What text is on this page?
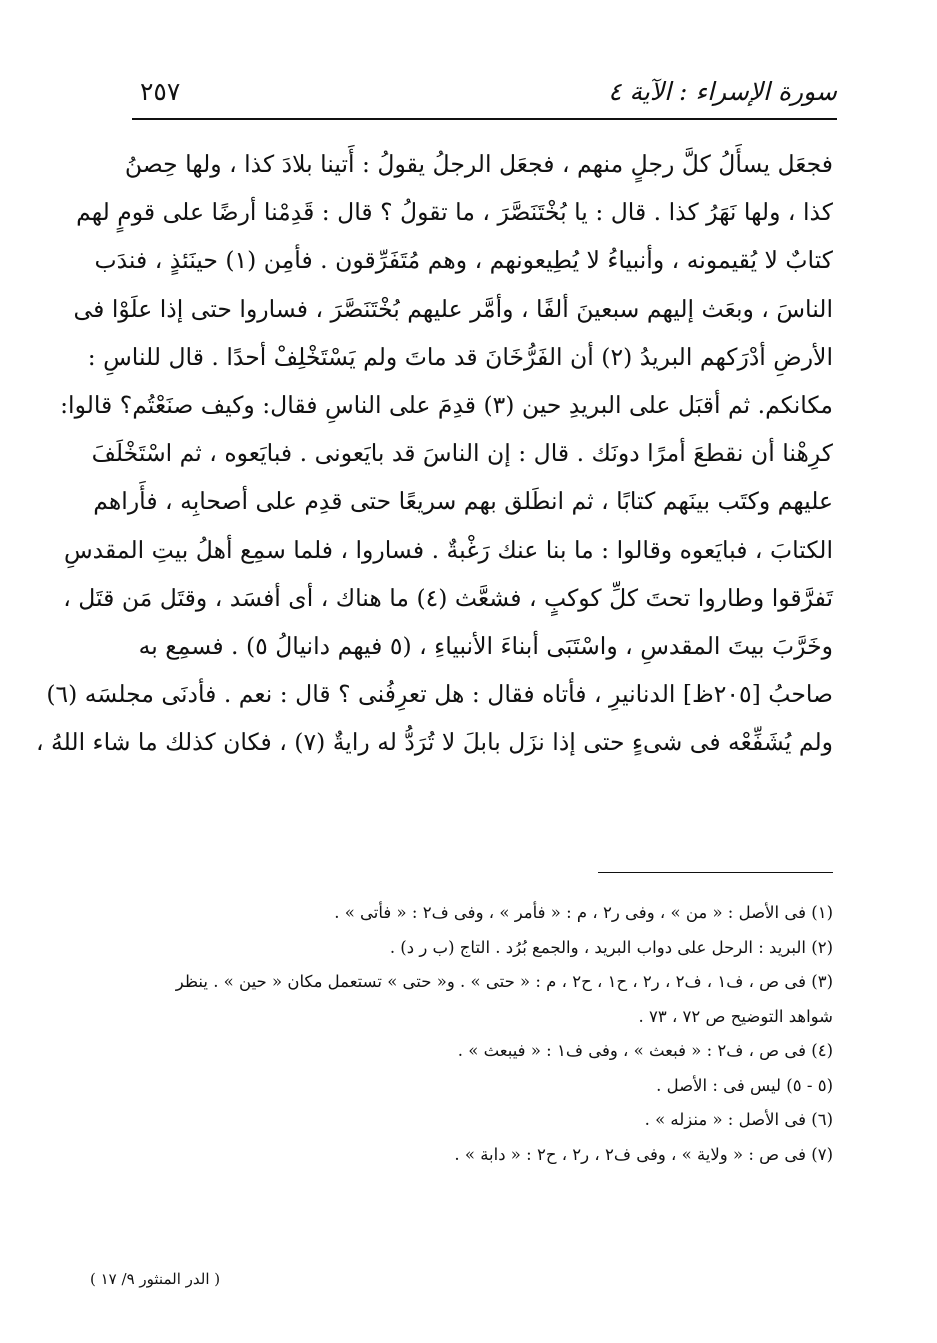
سورة الإسراء : الآية ٤
٢٥٧
فجعَل يسأَلُ كلَّ رجلٍ منهم ، فجعَل الرجلُ يقولُ : أَتينا بلادَ كذا ، ولها حِصنُ
كذا ، ولها نَهَرُ كذا . قال : يا بُخْتَنَصَّرَ ، ما تقولُ ؟ قال : قَدِمْنا أرضًا على قومٍ لهم
كتابٌ لا يُقيمونه ، وأنبياءُ لا يُطِيعونهم ، وهم مُتَفَرِّقون . فأمِن (١) حينَئذٍ ، فندَب
الناسَ ، وبعَث إليهم سبعينَ ألفًا ، وأمَّر عليهم بُخْتَنَصَّرَ ، فساروا حتى إذا علَوْا فى
الأرضِ أدْرَكهم البريدُ (٢) أن الفَرُّخَانَ قد ماتَ ولم يَسْتَخْلِفْ أحدًا . قال للناسِ :
مكانكم. ثم أقبَل على البريدِ حين (٣) قدِمَ على الناسِ فقال: وكيف صنَعْتُم؟ قالوا:
كرِهْنا أن نقطعَ أمرًا دونَك . قال : إن الناسَ قد بايَعونى . فبايَعوه ، ثم اسْتَخْلَفَ
عليهم وكتَب بينَهم كتابًا ، ثم انطَلق بهم سريعًا حتى قدِم على أصحابِه ، فأَراهم
الكتابَ ، فبايَعوه وقالوا : ما بنا عنك رَغْبةٌ . فساروا ، فلما سمِع أهلُ بيتِ المقدسِ
تَفرَّقوا وطاروا تحتَ كلِّ كوكبٍ ، فشعَّث (٤) ما هناك ، أى أفسَد ، وقتَل مَن قتَل ،
وخَرَّبَ بيتَ المقدسِ ، واسْتَبَى أبناءَ الأنبياءِ ، (٥ فيهم دانيالُ ٥) . فسمِع به
صاحبُ [٢٠٥ظ] الدنانيرِ ، فأتاه فقال : هل تعرِفُنى ؟ قال : نعم . فأدنَى مجلسَه (٦)
ولم يُشَفِّعْه فى شىءٍ حتى إذا نزَل بابلَ لا تُرَدُّ له رايةٌ (٧) ، فكان كذلك ما شاء اللهُ ،
(١) فى الأصل : « من » ، وفى ر٢ ، م : « فأمر » ، وفى ف٢ : « فأتى » .
(٢) البريد : الرحل على دواب البريد ، والجمع بُرُد . التاج (ب ر د) .
(٣) فى ص ، ف١ ، ف٢ ، ر٢ ، ح١ ، ح٢ ، م : « حتى » . و« حتى » تستعمل مكان « حين » . ينظر
شواهد التوضيح ص ٧٢ ، ٧٣ .
(٤) فى ص ، ف٢ : « فبعث » ، وفى ف١ : « فيبعث » .
(٥ - ٥) ليس فى : الأصل .
(٦) فى الأصل : « منزله » .
(٧) فى ص : « ولاية » ، وفى ف٢ ، ر٢ ، ح٢ : « دابة » .
( الدر المنثور ٩/ ١٧ )
